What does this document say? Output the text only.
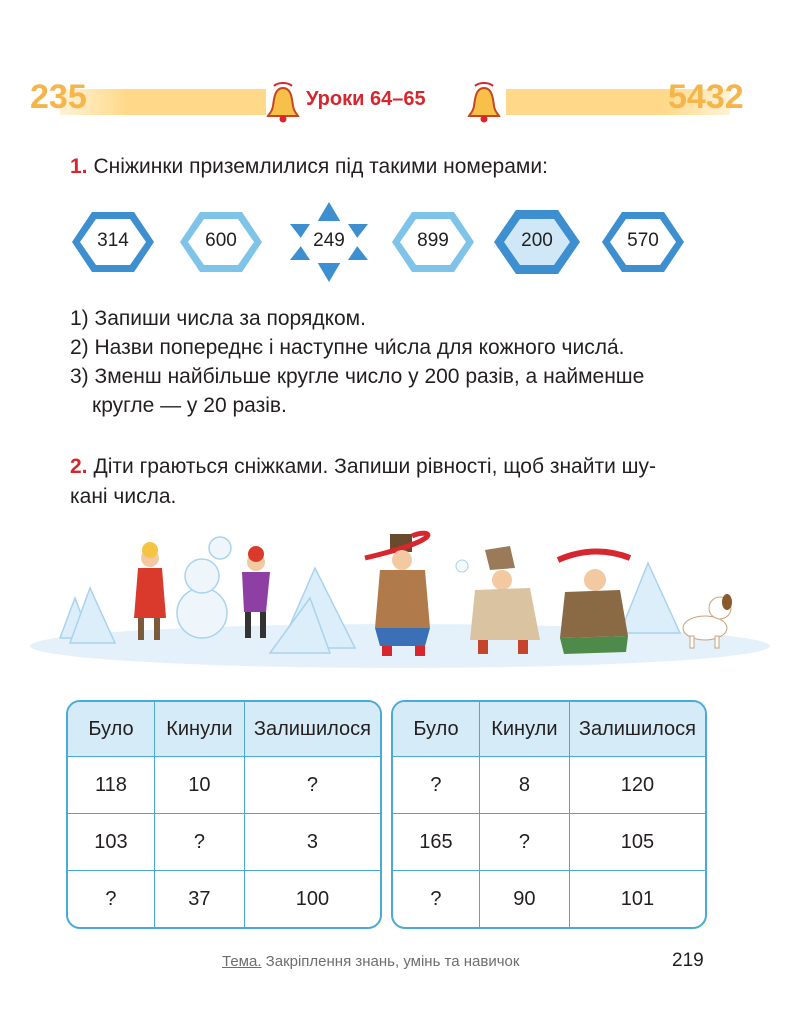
235	5432
Уроки 64–65
1. Сніжинки приземлилися під такими номерами:
314	600	249	899	200	570

1) Запиши числа за порядком.

2) Назви попереднє і наступне чи́сла для кожного числа́.

3) Зменш найбільше кругле число у 200 разів, а найменше

кругле — у 20 разів.

2. Діти граються сніжками. Запиши рівності, щоб знайти шу-
кані числа.
Було	Кинули	Залишилося
118	10	?
103	?	3
?	37	100
Було	Кинули	Залишилося
?	8	120
165	?	105
?	90	101
Тема. Закріплення знань, умінь та навичок	219
